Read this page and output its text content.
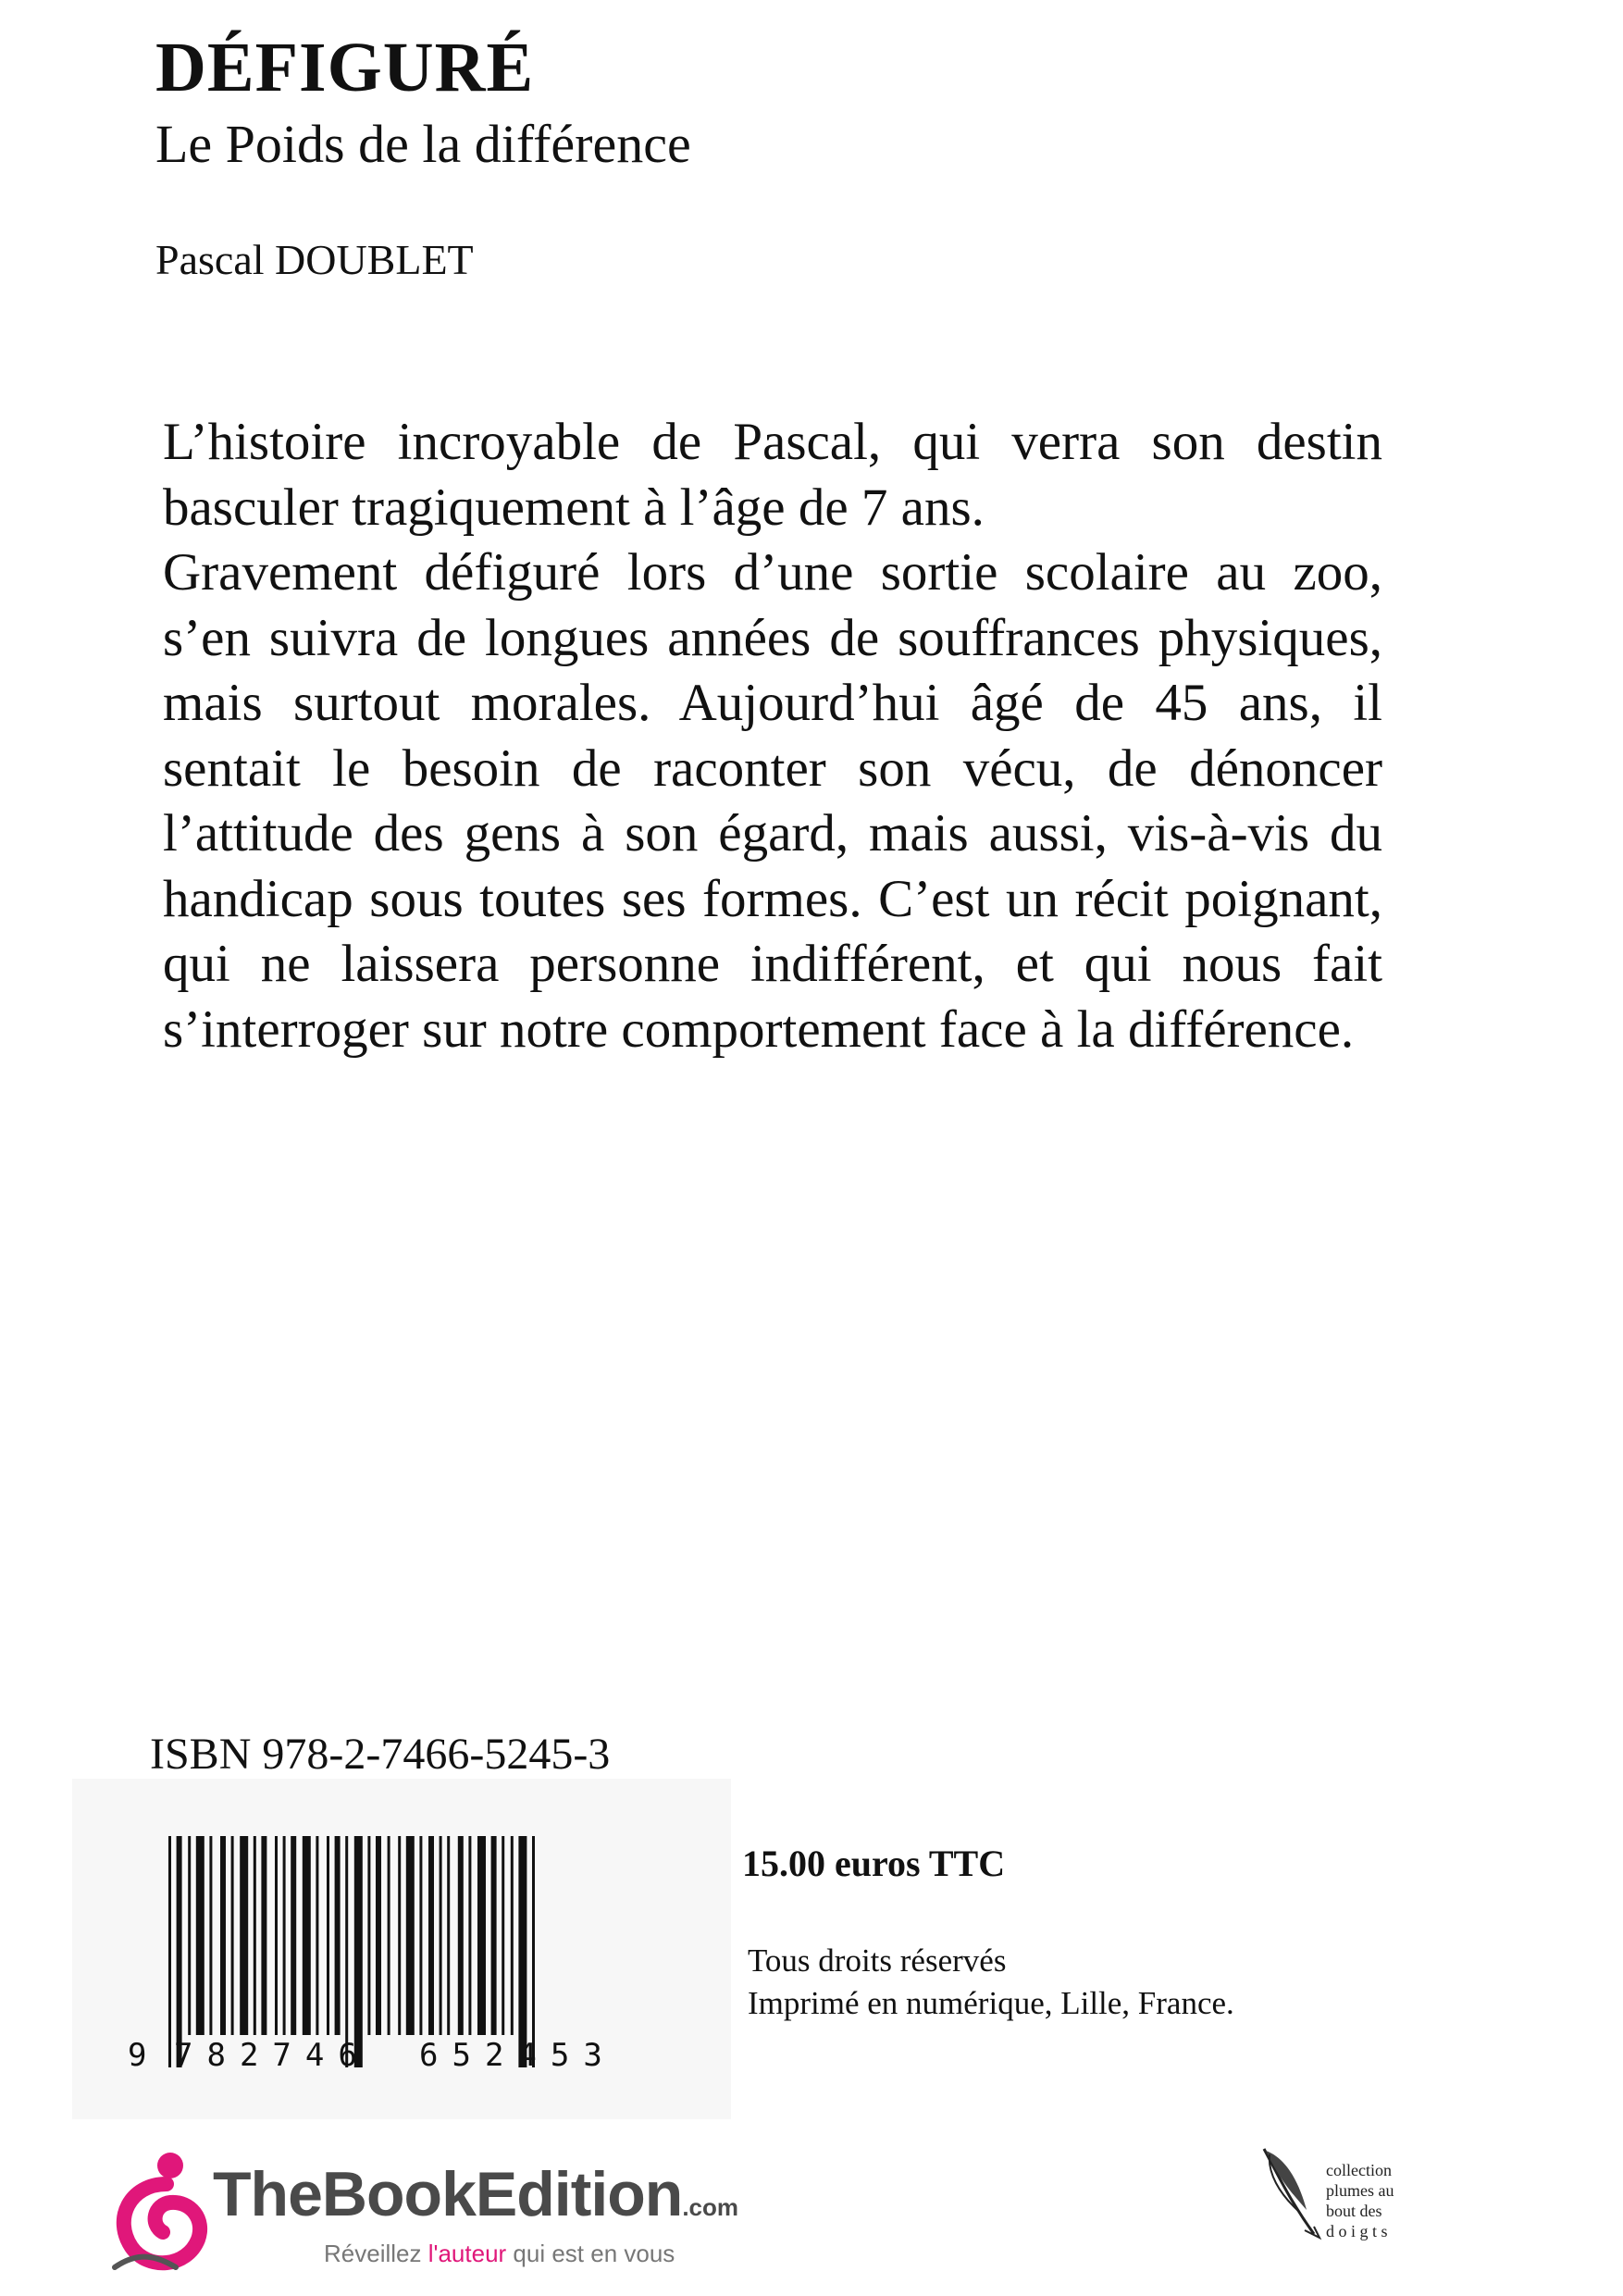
DÉFIGURÉ
Le Poids de la différence
Pascal DOUBLET

L’histoire incroyable de Pascal, qui verra son destin basculer tragiquement à l’âge de 7 ans.

Gravement défiguré lors d’une sortie scolaire au zoo, s’en suivra de longues années de souffrances physiques, mais surtout morales. Aujourd’hui âgé de 45 ans, il sentait le besoin de raconter son vécu, de dénoncer l’attitude des gens à son égard, mais aussi, vis-à-vis du handicap sous toutes ses formes. C’est un récit poignant, qui ne laissera personne indifférent, et qui nous fait s’interroger sur notre comportement face à la différence.

ISBN 978-2-7466-5245-3
9 782746 652453
15.00 euros TTC
Tous droits réservés
Imprimé en numérique, Lille, France.
TheBookEdition.com
Réveillez l'auteur qui est en vous
collection
plumes au
bout des
d o i g t s
